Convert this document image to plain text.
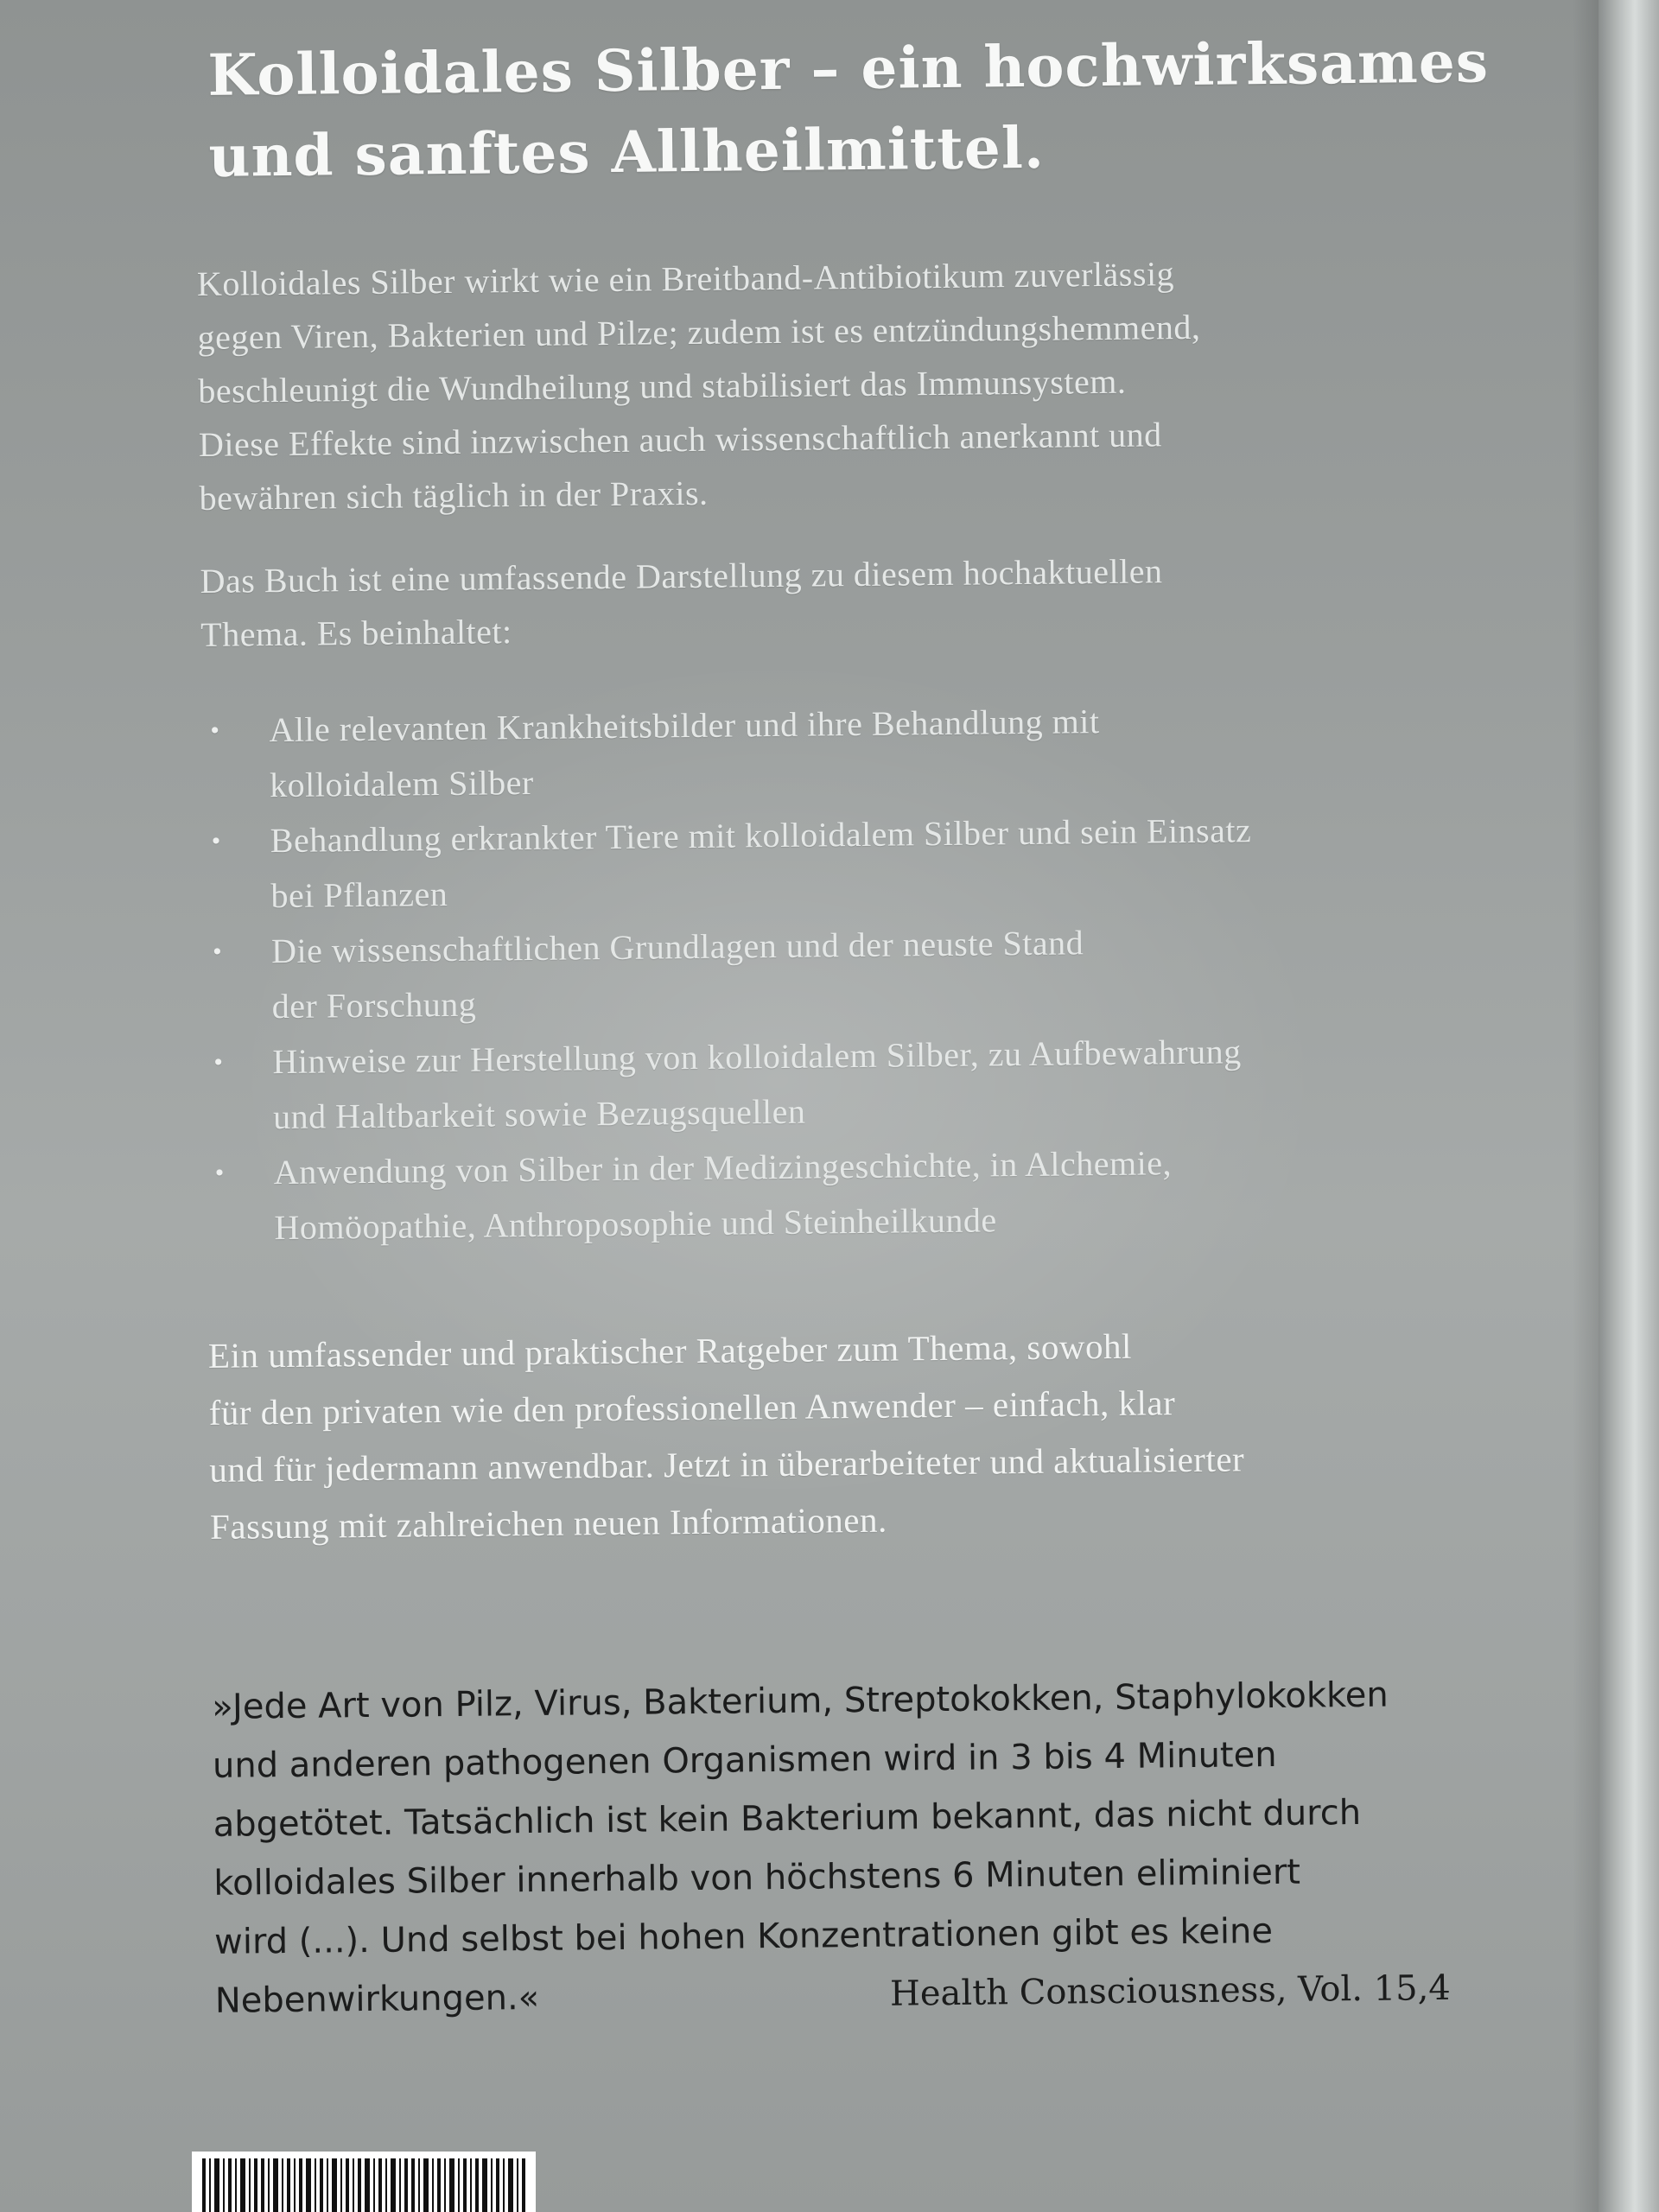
Kolloidales Silber – ein hochwirksames
und sanftes Allheilmittel.

Kolloidales Silber wirkt wie ein Breitband-Antibiotikum zuverlässig
gegen Viren, Bakterien und Pilze; zudem ist es entzündungshemmend,
beschleunigt die Wundheilung und stabilisiert das Immunsystem.
Diese Effekte sind inzwischen auch wissenschaftlich anerkannt und
bewähren sich täglich in der Praxis.

Das Buch ist eine umfassende Darstellung zu diesem hochaktuellen
Thema. Es beinhaltet:

• Alle relevanten Krankheitsbilder und ihre Behandlung mit
kolloidalem Silber
• Behandlung erkrankter Tiere mit kolloidalem Silber und sein Einsatz
bei Pflanzen
• Die wissenschaftlichen Grundlagen und der neuste Stand
der Forschung
• Hinweise zur Herstellung von kolloidalem Silber, zu Aufbewahrung
und Haltbarkeit sowie Bezugsquellen
• Anwendung von Silber in der Medizingeschichte, in Alchemie,
Homöopathie, Anthroposophie und Steinheilkunde

Ein umfassender und praktischer Ratgeber zum Thema, sowohl
für den privaten wie den professionellen Anwender – einfach, klar
und für jedermann anwendbar. Jetzt in überarbeiteter und aktualisierter
Fassung mit zahlreichen neuen Informationen.

»Jede Art von Pilz, Virus, Bakterium, Streptokokken, Staphylokokken
und anderen pathogenen Organismen wird in 3 bis 4 Minuten
abgetötet. Tatsächlich ist kein Bakterium bekannt, das nicht durch
kolloidales Silber innerhalb von höchstens 6 Minuten eliminiert
wird (...). Und selbst bei hohen Konzentrationen gibt es keine
Nebenwirkungen.«	Health Consciousness, Vol. 15,4
